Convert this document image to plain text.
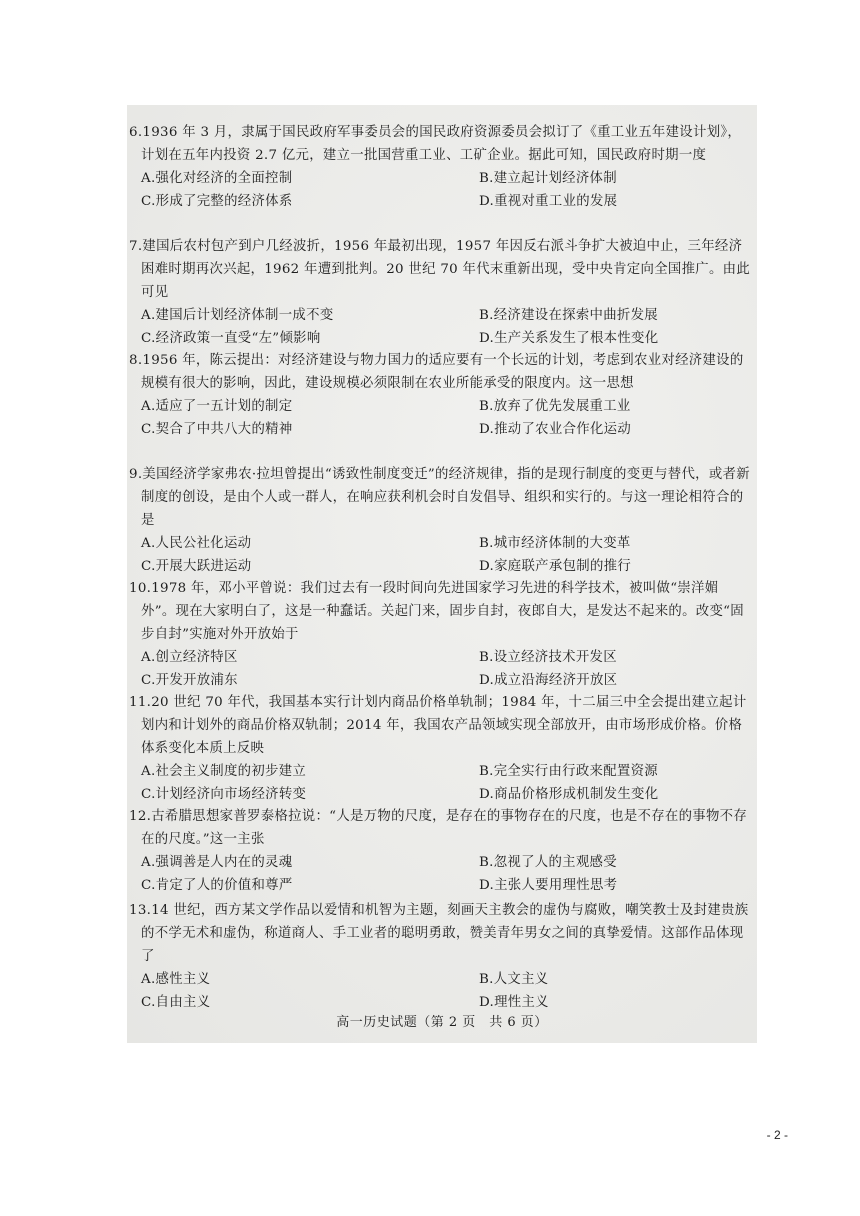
6.1936 年 3 月，隶属于国民政府军事委员会的国民政府资源委员会拟订了《重工业五年建设计划》，计划在五年内投资 2.7 亿元，建立一批国营重工业、工矿企业。据此可知，国民政府时期一度

A.强化对经济的全面控制	B.建立起计划经济体制
C.形成了完整的经济体系	D.重视对重工业的发展

7.建国后农村包产到户几经波折，1956 年最初出现，1957 年因反右派斗争扩大被迫中止，三年经济困难时期再次兴起，1962 年遭到批判。20 世纪 70 年代末重新出现，受中央肯定向全国推广。由此可见

A.建国后计划经济体制一成不变	B.经济建设在探索中曲折发展
C.经济政策一直受“左”倾影响	D.生产关系发生了根本性变化

8.1956 年，陈云提出：对经济建设与物力国力的适应要有一个长远的计划，考虑到农业对经济建设的规模有很大的影响，因此，建设规模必须限制在农业所能承受的限度内。这一思想

A.适应了一五计划的制定	B.放弃了优先发展重工业
C.契合了中共八大的精神	D.推动了农业合作化运动

9.美国经济学家弗农·拉坦曾提出“诱致性制度变迁”的经济规律，指的是现行制度的变更与替代，或者新制度的创设，是由个人或一群人，在响应获利机会时自发倡导、组织和实行的。与这一理论相符合的是

A.人民公社化运动	B.城市经济体制的大变革
C.开展大跃进运动	D.家庭联产承包制的推行

10.1978 年，邓小平曾说：我们过去有一段时间向先进国家学习先进的科学技术，被叫做“崇洋媚外”。现在大家明白了，这是一种蠢话。关起门来，固步自封，夜郎自大，是发达不起来的。改变“固步自封”实施对外开放始于

A.创立经济特区	B.设立经济技术开发区
C.开发开放浦东	D.成立沿海经济开放区

11.20 世纪 70 年代，我国基本实行计划内商品价格单轨制；1984 年，十二届三中全会提出建立起计划内和计划外的商品价格双轨制；2014 年，我国农产品领域实现全部放开，由市场形成价格。价格体系变化本质上反映

A.社会主义制度的初步建立	B.完全实行由行政来配置资源
C.计划经济向市场经济转变	D.商品价格形成机制发生变化

12.古希腊思想家普罗泰格拉说：“人是万物的尺度，是存在的事物存在的尺度，也是不存在的事物不存在的尺度。”这一主张

A.强调善是人内在的灵魂	B.忽视了人的主观感受
C.肯定了人的价值和尊严	D.主张人要用理性思考

13.14 世纪，西方某文学作品以爱情和机智为主题，刻画天主教会的虚伪与腐败，嘲笑教士及封建贵族的不学无术和虚伪，称道商人、手工业者的聪明勇敢，赞美青年男女之间的真挚爱情。这部作品体现了

A.感性主义	B.人文主义
C.自由主义	D.理性主义
高一历史试题（第 2 页　共 6 页）
- 2 -
